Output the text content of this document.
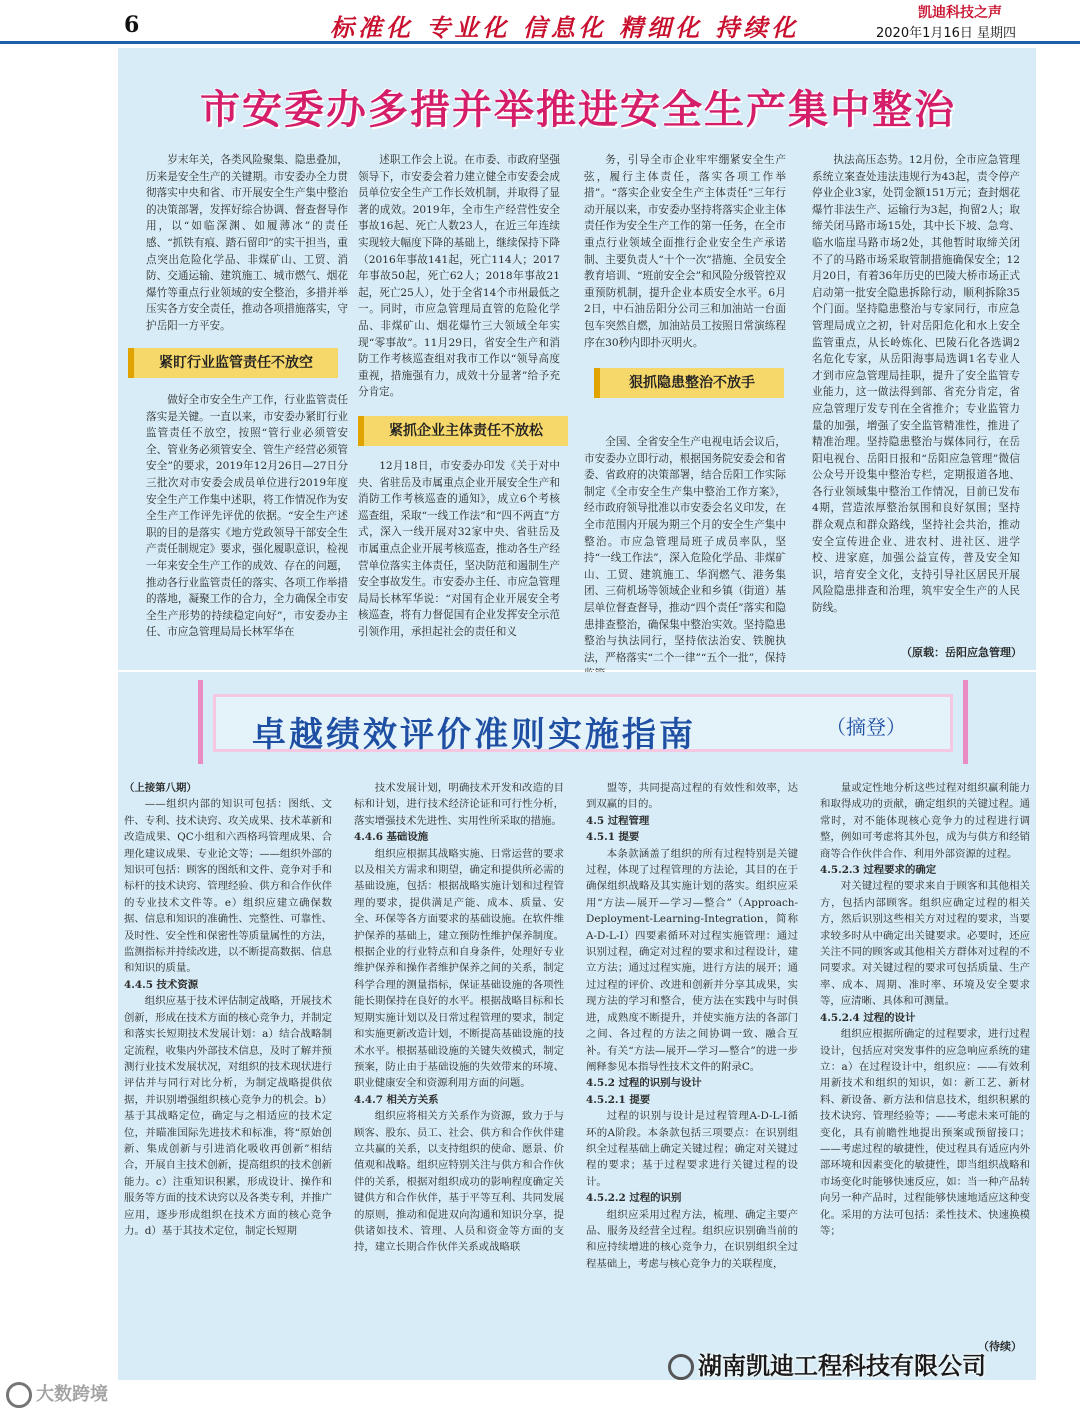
6	标准化 专业化 信息化 精细化 持续化	凯迪科技之声
2020年1月16日 星期四
市安委办多措并举推进安全生产集中整治

岁末年关，各类风险聚集、隐患叠加，历来是安全生产的关键期。市安委办全力贯彻落实中央和省、市开展安全生产集中整治的决策部署，发挥好综合协调、督查督导作用，以“如临深渊、如履薄冰”的责任感、“抓铁有痕、踏石留印”的实干担当，重点突出危险化学品、非煤矿山、工贸、消防、交通运输、建筑施工、城市燃气、烟花爆竹等重点行业领域的安全整治，多措并举压实各方安全责任，推动各项措施落实，守护岳阳一方平安。

紧盯行业监管责任不放空

做好全市安全生产工作，行业监管责任落实是关键。一直以来，市安委办紧盯行业监管责任不放空，按照“管行业必须管安全、管业务必须管安全、管生产经营必须管安全”的要求，2019年12月26日—27日分三批次对市安委会成员单位进行2019年度安全生产工作集中述职，将工作情况作为安全生产工作评先评优的依据。“安全生产述职的目的是落实《地方党政领导干部安全生产责任制规定》要求，强化履职意识，检视一年来安全生产工作的成效、存在的问题，推动各行业监管责任的落实、各项工作举措的落地，凝聚工作的合力，全力确保全市安全生产形势的持续稳定向好”，市安委办主任、市应急管理局局长林军华在

述职工作会上说。在市委、市政府坚强领导下，市安委会着力建立健全市安委会成员单位安全生产工作长效机制，并取得了显著的成效。2019年，全市生产经营性安全事故16起、死亡人数23人，在近三年连续实现较大幅度下降的基础上，继续保持下降（2016年事故141起，死亡114人；2017年事故50起，死亡62人；2018年事故21起，死亡25人），处于全省14个市州最低之一。同时，市应急管理局直管的危险化学品、非煤矿山、烟花爆竹三大领域全年实现“零事故”。11月29日，省安全生产和消防工作考核巡查组对我市工作以“领导高度重视，措施强有力，成效十分显著”给予充分肯定。

紧抓企业主体责任不放松

12月18日，市安委办印发《关于对中央、省驻岳及市属重点企业开展安全生产和消防工作考核巡查的通知》，成立6个考核巡查组，采取“一线工作法”和“四不两直”方式，深入一线开展对32家中央、省驻岳及市属重点企业开展考核巡查，推动各生产经营单位落实主体责任，坚决防范和遏制生产安全事故发生。市安委办主任、市应急管理局局长林军华说：“对国有企业开展安全考核巡查，将有力督促国有企业发挥安全示范引领作用，承担起社会的责任和义

务，引导全市企业牢牢绷紧安全生产弦，履行主体责任，落实各项工作举措”。“落实企业安全生产主体责任”三年行动开展以来，市安委办坚持将落实企业主体责任作为安全生产工作的第一任务，在全市重点行业领域全面推行企业安全生产承诺制、主要负责人“十个一次”措施、全员安全教育培训、“班前安全会”和风险分级管控双重预防机制，提升企业本质安全水平。6月2日，中石油岳阳分公司三和加油站一台面包车突然自燃，加油站员工按照日常演练程序在30秒内即扑灭明火。

狠抓隐患整治不放手

全国、全省安全生产电视电话会议后，市安委办立即行动，根据国务院安委会和省委、省政府的决策部署，结合岳阳工作实际制定《全市安全生产集中整治工作方案》，经市政府领导批准以市安委会名义印发，在全市范围内开展为期三个月的安全生产集中整治。市应急管理局班子成员率队，坚持“一线工作法”，深入危险化学品、非煤矿山、工贸、建筑施工、华润燃气、港务集团、三荷机场等领域企业和乡镇（街道）基层单位督查督导，推动“四个责任”落实和隐患排查整治，确保集中整治实效。坚持隐患整治与执法同行，坚持依法治安、铁腕执法，严格落实“二个一律”“五个一批”，保持

执法高压态势。12月份，全市应急管理系统立案查处违法违规行为43起，责令停产停业企业3家，处罚金额151万元；查封烟花爆竹非法生产、运输行为3起，拘留2人；取缔关闭马路市场15处，其中长下坡、急弯、临水临崖马路市场2处，其他暂时取缔关闭不了的马路市场采取管制措施确保安全；12月20日，有着36年历史的巴陵大桥市场正式启动第一批安全隐患拆除行动，顺利拆除35个门面。坚持隐患整治与专家同行，市应急管理局成立之初，针对岳阳危化和水上安全监管重点，从长岭炼化、巴陵石化各选调2名危化专家，从岳阳海事局选调1名专业人才到市应急管理局挂职，提升了安全监管专业能力，这一做法得到部、省充分肯定，省应急管理厅发专刊在全省推介；专业监管力量的加强，增强了安全监管精准性，推进了精准治理。坚持隐患整治与媒体同行，在岳阳电视台、岳阳日报和“岳阳应急管理”微信公众号开设集中整治专栏，定期报道各地、各行业领域集中整治工作情况，目前已发布4期，营造浓厚整治氛围和良好氛围；坚持群众观点和群众路线，坚持社会共治，推动安全宣传进企业、进农村、进社区、进学校、进家庭，加强公益宣传，普及安全知识，培育安全文化，支持引导社区居民开展风险隐患排查和治理，筑牢安全生产的人民防线。

（原载：岳阳应急管理）
卓越绩效评价准则实施指南	（摘登）
（上接第八期）

——组织内部的知识可包括：图纸、文件、专利、技术诀窍、攻关成果、技术革新和改造成果、QC小组和六西格玛管理成果、合理化建议成果、专业论文等；——组织外部的知识可包括：顾客的图纸和文件、竞争对手和标杆的技术诀窍、管理经验、供方和合作伙伴的专业技术文件等。e）组织应建立确保数据、信息和知识的准确性、完整性、可靠性、及时性、安全性和保密性等质量属性的方法，监测指标并持续改进，以不断提高数据、信息和知识的质量。

4.4.5 技术资源

组织应基于技术评估制定战略，开展技术创新，形成在技术方面的核心竞争力，并制定和落实长短期技术发展计划：a）结合战略制定流程，收集内外部技术信息，及时了解并预测行业技术发展状况，对组织的技术现状进行评估并与同行对比分析，为制定战略提供依据，并识别增强组织核心竞争力的机会。b）基于其战略定位，确定与之相适应的技术定位，并瞄准国际先进技术和标准，将“原始创新、集成创新与引进消化吸收再创新”相结合，开展自主技术创新，提高组织的技术创新能力。c）注重知识积累，形成设计、操作和服务等方面的技术诀窍以及各类专利，并推广应用，逐步形成组织在技术方面的核心竞争力。d）基于其技术定位，制定长短期

技术发展计划，明确技术开发和改造的目标和计划，进行技术经济论证和可行性分析，落实增强技术先进性、实用性所采取的措施。

4.4.6 基础设施

组织应根据其战略实施、日常运营的要求以及相关方需求和期望，确定和提供所必需的基础设施，包括：根据战略实施计划和过程管理的要求，提供满足产能、成本、质量、安全、环保等各方面要求的基础设施。在软件维护保养的基础上，建立预防性维护保养制度。根据企业的行业特点和自身条件，处理好专业维护保养和操作者维护保养之间的关系，制定科学合理的测量指标，保证基础设施的各项性能长期保持在良好的水平。根据战略目标和长短期实施计划以及日常过程管理的要求，制定和实施更新改造计划，不断提高基础设施的技术水平。根据基础设施的关键失效模式，制定预案，防止由于基础设施的失效带来的环境、职业健康安全和资源利用方面的问题。

4.4.7 相关方关系

组织应将相关方关系作为资源，致力于与顾客、股东、员工、社会、供方和合作伙伴建立共赢的关系，以支持组织的使命、愿景、价值观和战略。组织应特别关注与供方和合作伙伴的关系，根据对组织成功的影响程度确定关键供方和合作伙伴，基于平等互利、共同发展的原则，推动和促进双向沟通和知识分享，提供诸如技术、管理、人员和资金等方面的支持，建立长期合作伙伴关系或战略联

盟等，共同提高过程的有效性和效率，达到双赢的目的。

4.5 过程管理
4.5.1 提要

本条款涵盖了组织的所有过程特别是关键过程，体现了过程管理的方法论，其目的在于确保组织战略及其实施计划的落实。组织应采用“方法—展开—学习—整合”（Approach-Deployment-Learning-Integration，简称A-D-L-I）四要素循环对过程实施管理：通过识别过程，确定对过程的要求和过程设计，建立方法；通过过程实施，进行方法的展开；通过过程的评价、改进和创新并分享其成果，实现方法的学习和整合，使方法在实践中与时俱进，成熟度不断提升，并使实施方法的各部门之间、各过程的方法之间协调一致、融合互补。有关“方法—展开—学习—整合”的进一步阐释参见本指导性技术文件的附录C。

4.5.2 过程的识别与设计
4.5.2.1 提要

过程的识别与设计是过程管理A-D-L-I循环的A阶段。本条款包括三项要点：在识别组织全过程基础上确定关键过程；确定对关键过程的要求；基于过程要求进行关键过程的设计。

4.5.2.2 过程的识别

组织应采用过程方法，梳理、确定主要产品、服务及经营全过程。组织应识别确当前的和应持续增进的核心竞争力，在识别组织全过程基础上，考虑与核心竞争力的关联程度，

量或定性地分析这些过程对组织赢利能力和取得成功的贡献，确定组织的关键过程。通常时，对不能体现核心竞争力的过程进行调整，例如可考虑将其外包，成为与供方和经销商等合作伙伴合作、利用外部资源的过程。

4.5.2.3 过程要求的确定

对关键过程的要求来自于顾客和其他相关方，包括内部顾客。组织应确定过程的相关方，然后识别这些相关方对过程的要求，当要求较多时从中确定出关键要求。必要时，还应关注不同的顾客或其他相关方群体对过程的不同要求。对关键过程的要求可包括质量、生产率、成本、周期、准时率、环境及安全要求等，应清晰、具体和可测量。

4.5.2.4 过程的设计

组织应根据所确定的过程要求，进行过程设计，包括应对突发事件的应急响应系统的建立：a）在过程设计中，组织应：——有效利用新技术和组织的知识，如：新工艺、新材料、新设备、新方法和信息技术，组织积累的技术诀窍、管理经验等；——考虑未来可能的变化，具有前瞻性地提出预案或预留接口；——考虑过程的敏捷性，使过程具有适应内外部环境和因素变化的敏捷性，即当组织战略和市场变化时能够快速反应，如：当一种产品转向另一种产品时，过程能够快速地适应这种变化。采用的方法可包括：柔性技术、快速换模等；

（待续）
大数跨境
湖南凯迪工程科技有限公司
